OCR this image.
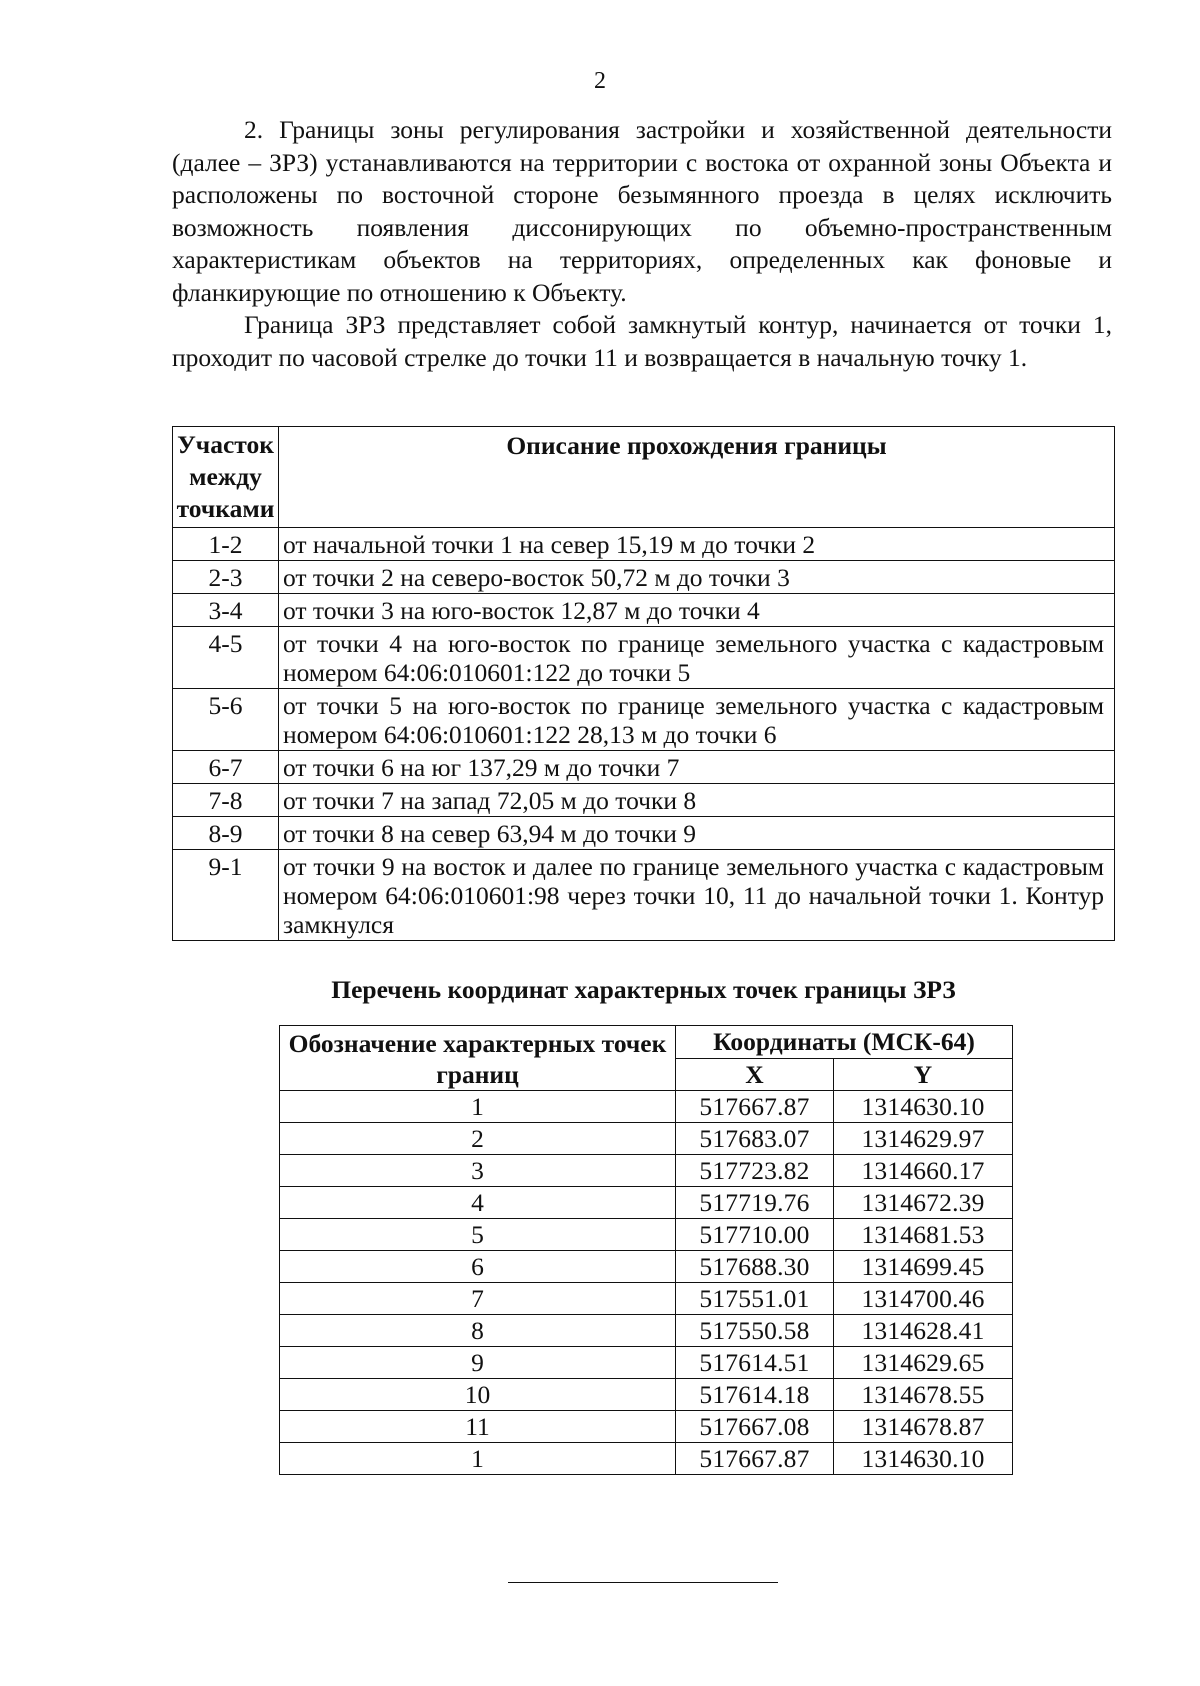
2

2. Границы зоны регулирования застройки и хозяйственной деятельности (далее – ЗРЗ) устанавливаются на территории с востока от охранной зоны Объекта и расположены по восточной стороне безымянного проезда в целях исключить возможность появления диссонирующих по объемно-пространственным характеристикам объектов на территориях, определенных как фоновые и фланкирующие по отношению к Объекту.

Граница ЗРЗ представляет собой замкнутый контур, начинается от точки 1, проходит по часовой стрелке до точки 11 и возвращается в начальную точку 1.

Участок между точками	Описание прохождения границы
1-2	от начальной точки 1 на север 15,19 м до точки 2
2-3	от точки 2 на северо-восток 50,72 м до точки 3
3-4	от точки 3 на юго-восток 12,87 м до точки 4
4-5	от точки 4 на юго-восток по границе земельного участка с кадастровым номером 64:06:010601:122 до точки 5
5-6	от точки 5 на юго-восток по границе земельного участка с кадастровым номером 64:06:010601:122 28,13 м до точки 6
6-7	от точки 6 на юг 137,29 м до точки 7
7-8	от точки 7 на запад 72,05 м до точки 8
8-9	от точки 8 на север 63,94 м до точки 9
9-1	от точки 9 на восток и далее по границе земельного участка с кадастровым номером 64:06:010601:98 через точки 10, 11 до начальной точки 1. Контур замкнулся
Перечень координат характерных точек границы ЗРЗ
Обозначение характерных точек границ	Координаты (МСК-64)	
	X	Y
1	517667.87	1314630.10
2	517683.07	1314629.97
3	517723.82	1314660.17
4	517719.76	1314672.39
5	517710.00	1314681.53
6	517688.30	1314699.45
7	517551.01	1314700.46
8	517550.58	1314628.41
9	517614.51	1314629.65
10	517614.18	1314678.55
11	517667.08	1314678.87
1	517667.87	1314630.10
